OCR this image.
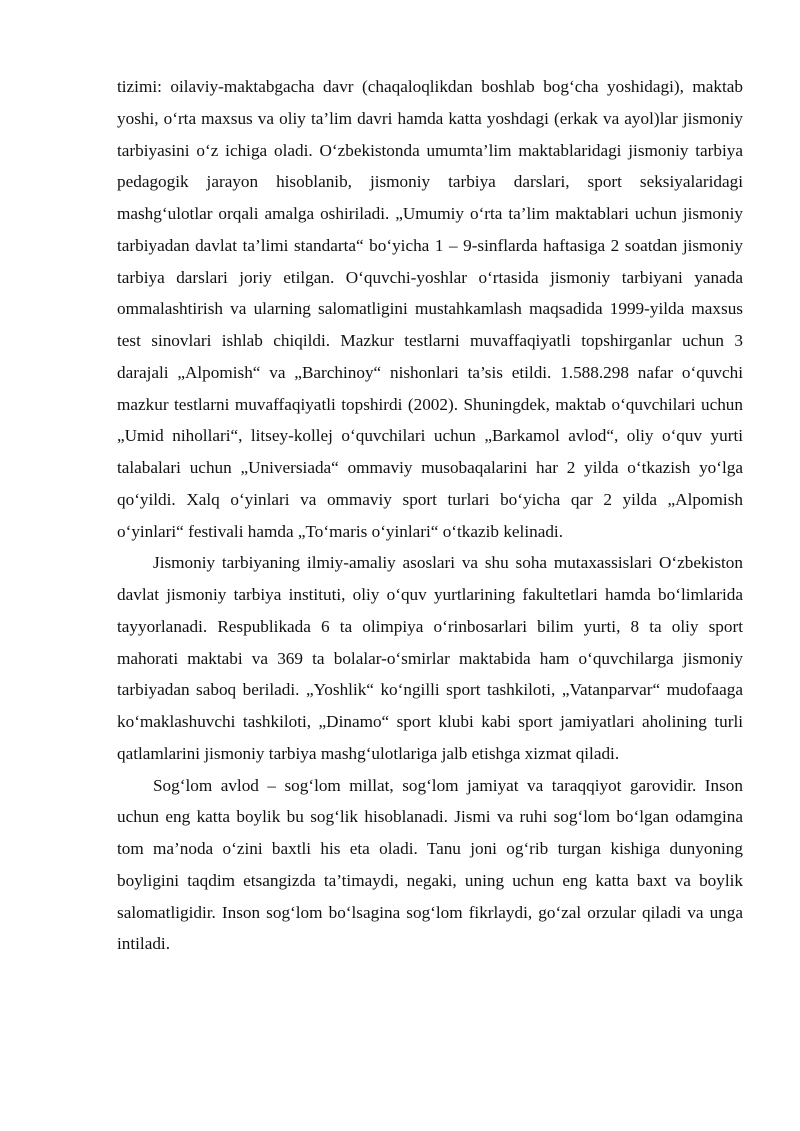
tizimi: oilaviy-maktabgacha davr (chaqaloqlikdan boshlab bog‘cha yoshidagi), maktab yoshi, o‘rta maxsus va oliy ta’lim davri hamda katta yoshdagi (erkak va ayol)lar jismoniy tarbiyasini o‘z ichiga oladi. O‘zbekistonda umumta’lim maktablaridagi jismoniy tarbiya pedagogik jarayon hisoblanib, jismoniy tarbiya darslari, sport seksiyalaridagi mashg‘ulotlar orqali amalga oshiriladi. „Umumiy o‘rta ta’lim maktablari uchun jismoniy tarbiyadan davlat ta’limi standarta“ bo‘yicha 1 – 9-sinflarda haftasiga 2 soatdan jismoniy tarbiya darslari joriy etilgan. O‘quvchi-yoshlar o‘rtasida jismoniy tarbiyani yanada ommalashtirish va ularning salomatligini mustahkamlash maqsadida 1999-yilda maxsus test sinovlari ishlab chiqildi. Mazkur testlarni muvaffaqiyatli topshirganlar uchun 3 darajali „Alpomish“ va „Barchinoy“ nishonlari ta’sis etildi. 1.588.298 nafar o‘quvchi mazkur testlarni muvaffaqiyatli topshirdi (2002). Shuningdek, maktab o‘quvchilari uchun „Umid nihollari“, litsey-kollej o‘quvchilari uchun „Barkamol avlod“, oliy o‘quv yurti talabalari uchun „Universiada“ ommaviy musobaqalarini har 2 yilda o‘tkazish yo‘lga qo‘yildi. Xalq o‘yinlari va ommaviy sport turlari bo‘yicha qar 2 yilda „Alpomish o‘yinlari“ festivali hamda „To‘maris o‘yinlari“ o‘tkazib kelinadi.

Jismoniy tarbiyaning ilmiy-amaliy asoslari va shu soha mutaxassislari O‘zbekiston davlat jismoniy tarbiya instituti, oliy o‘quv yurtlarining fakultetlari hamda bo‘limlarida tayyorlanadi. Respublikada 6 ta olimpiya o‘rinbosarlari bilim yurti, 8 ta oliy sport mahorati maktabi va 369 ta bolalar-o‘smirlar maktabida ham o‘quvchilarga jismoniy tarbiyadan saboq beriladi. „Yoshlik“ ko‘ngilli sport tashkiloti, „Vatanparvar“ mudofaaga ko‘maklashuvchi tashkiloti, „Dinamo“ sport klubi kabi sport jamiyatlari aholining turli qatlamlarini jismoniy tarbiya mashg‘ulotlariga jalb etishga xizmat qiladi.

Sog‘lom avlod – sog‘lom millat, sog‘lom jamiyat va taraqqiyot garovidir. Inson uchun eng katta boylik bu sog‘lik hisoblanadi. Jismi va ruhi sog‘lom bo‘lgan odamgina tom ma’noda o‘zini baxtli his eta oladi. Tanu joni og‘rib turgan kishiga dunyoning boyligini taqdim etsangizda ta’timaydi, negaki, uning uchun eng katta baxt va boylik salomatligidir. Inson sog‘lom bo‘lsagina sog‘lom fikrlaydi, go‘zal orzular qiladi va unga intiladi.
